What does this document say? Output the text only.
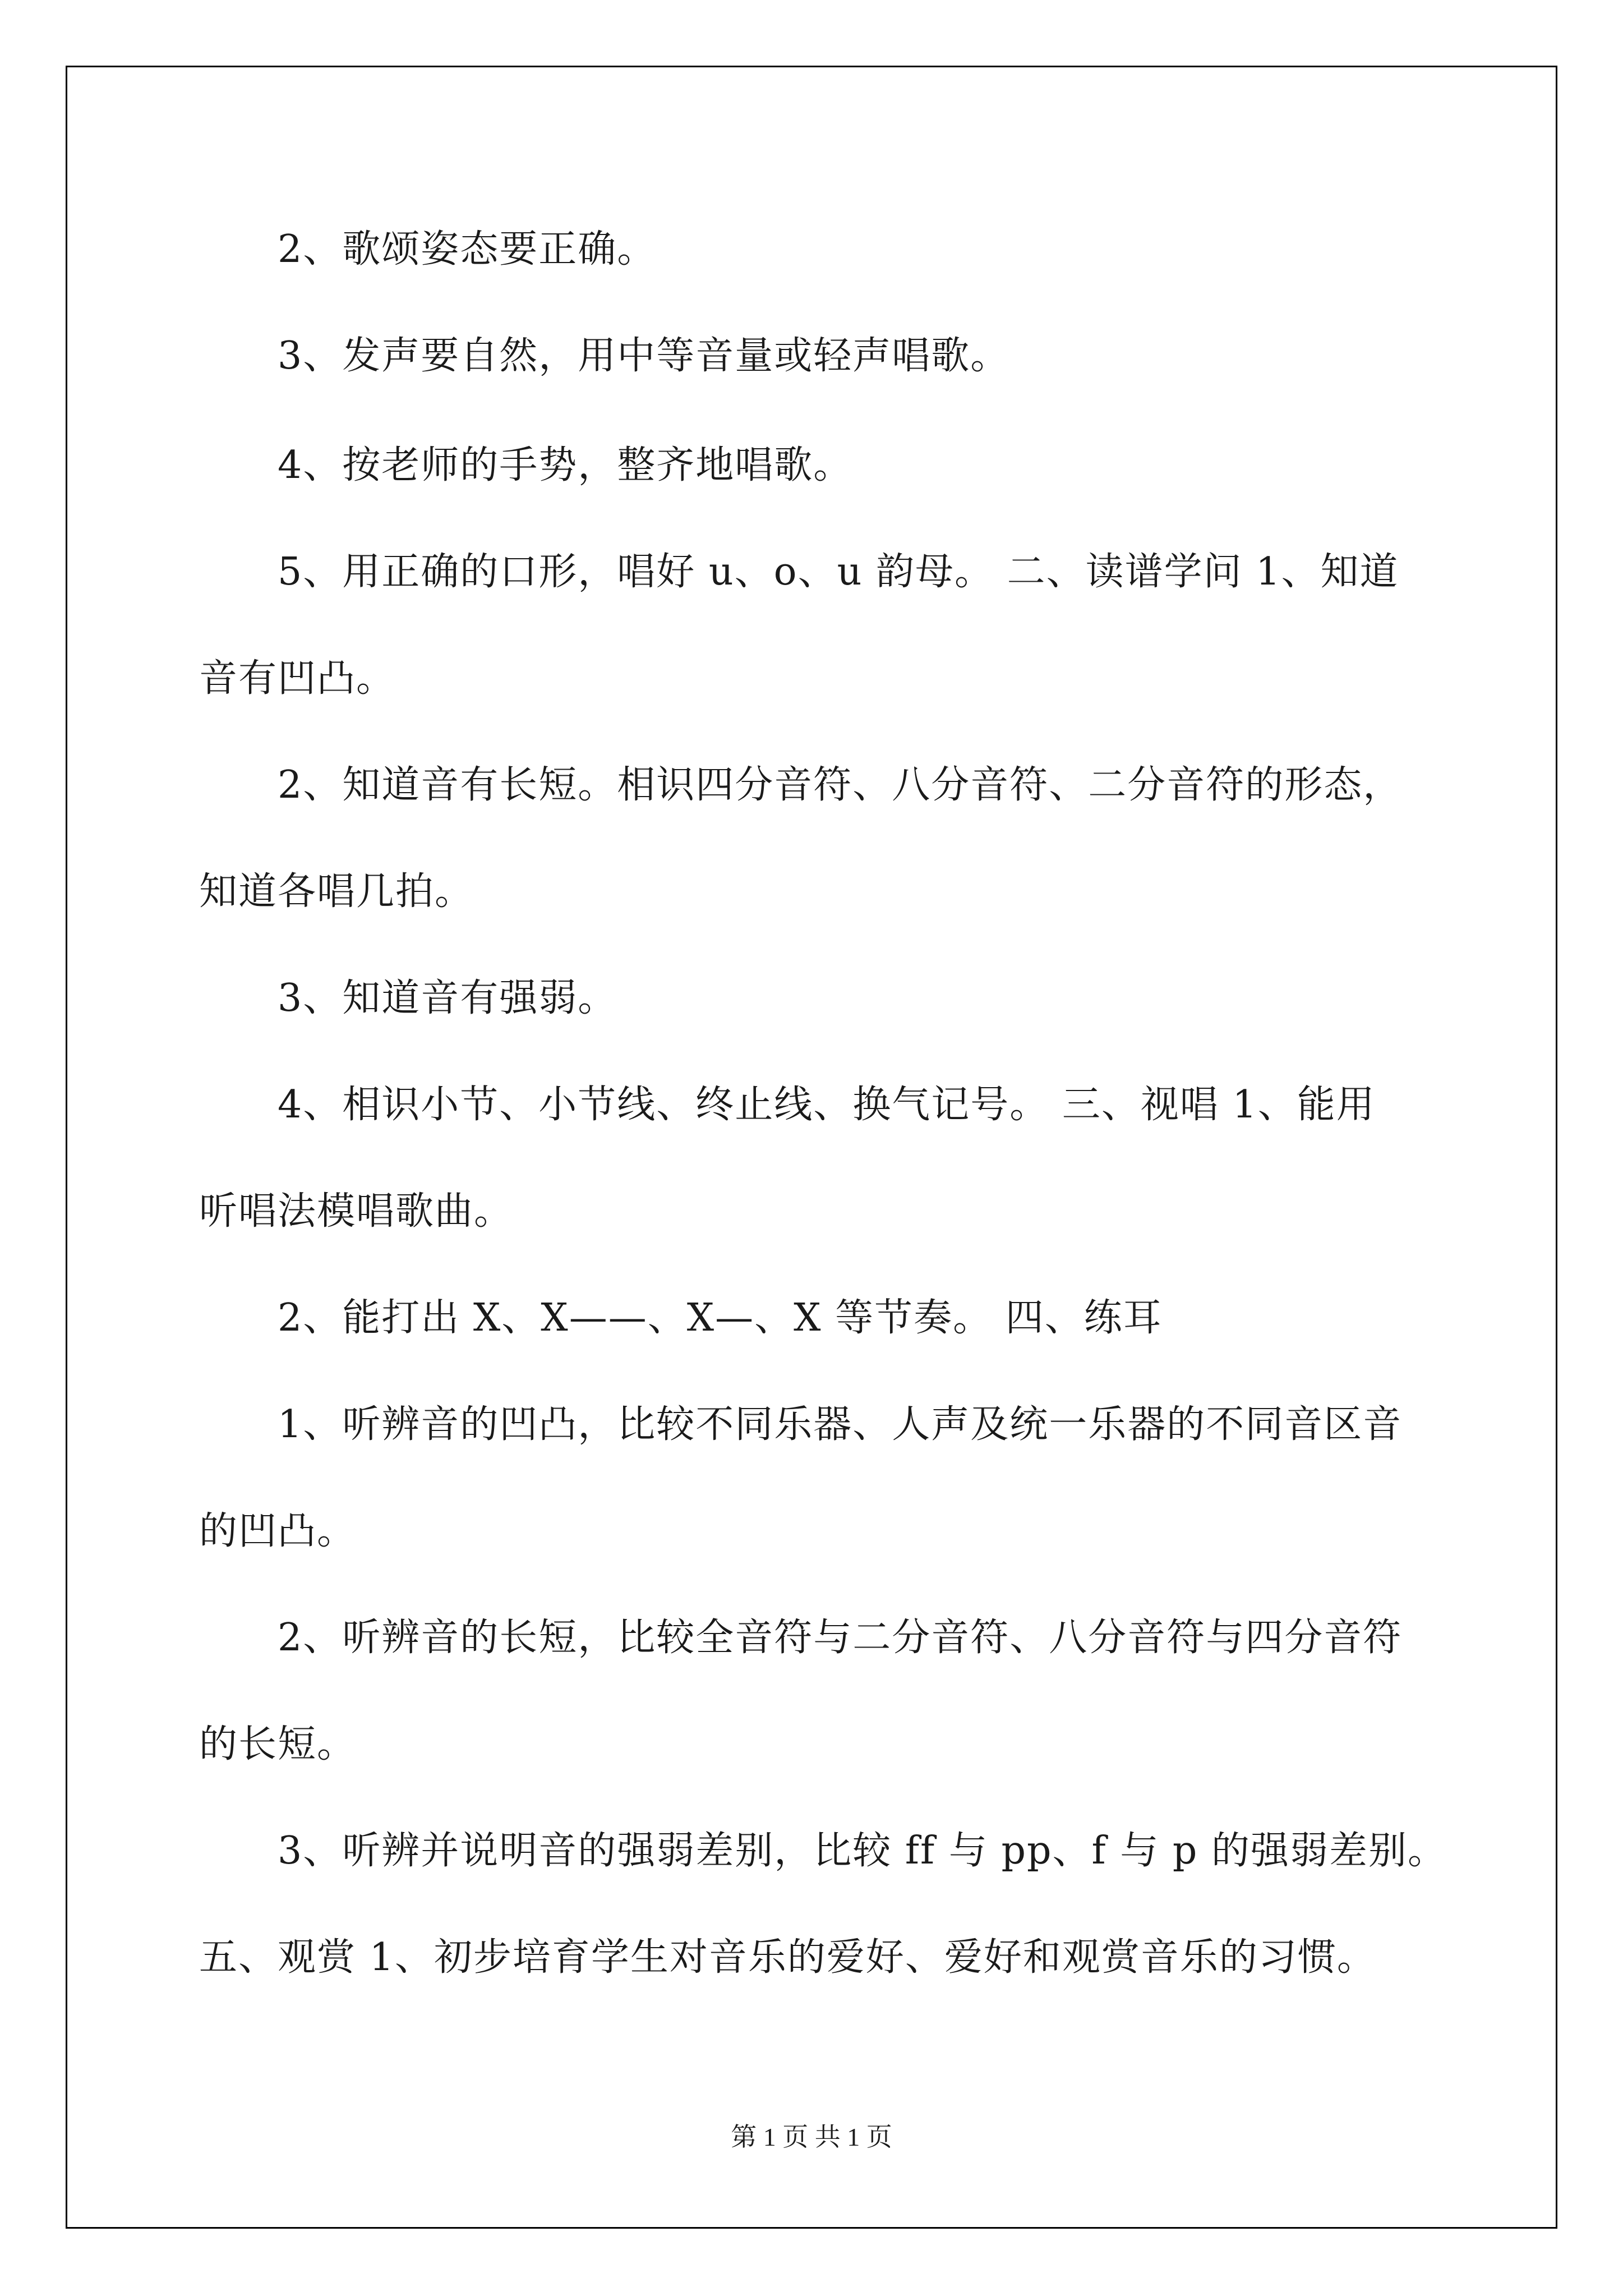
2、歌颂姿态要正确。
3、发声要自然，用中等音量或轻声唱歌。
4、按老师的手势，整齐地唱歌。
5、用正确的口形，唱好 u、o、u 韵母。 二、读谱学问 1、知道
音有凹凸。
2、知道音有长短。相识四分音符、八分音符、二分音符的形态，
知道各唱几拍。
3、知道音有强弱。
4、相识小节、小节线、终止线、换气记号。 三、视唱 1、能用
听唱法模唱歌曲。
2、能打出 X、X——、X—、X 等节奏。 四、练耳
1、听辨音的凹凸，比较不同乐器、人声及统一乐器的不同音区音
的凹凸。
2、听辨音的长短，比较全音符与二分音符、八分音符与四分音符
的长短。
3、听辨并说明音的强弱差别，比较 ff 与 pp、f 与 p 的强弱差别。
五、观赏 1、初步培育学生对音乐的爱好、爱好和观赏音乐的习惯。
第 1 页 共 1 页
